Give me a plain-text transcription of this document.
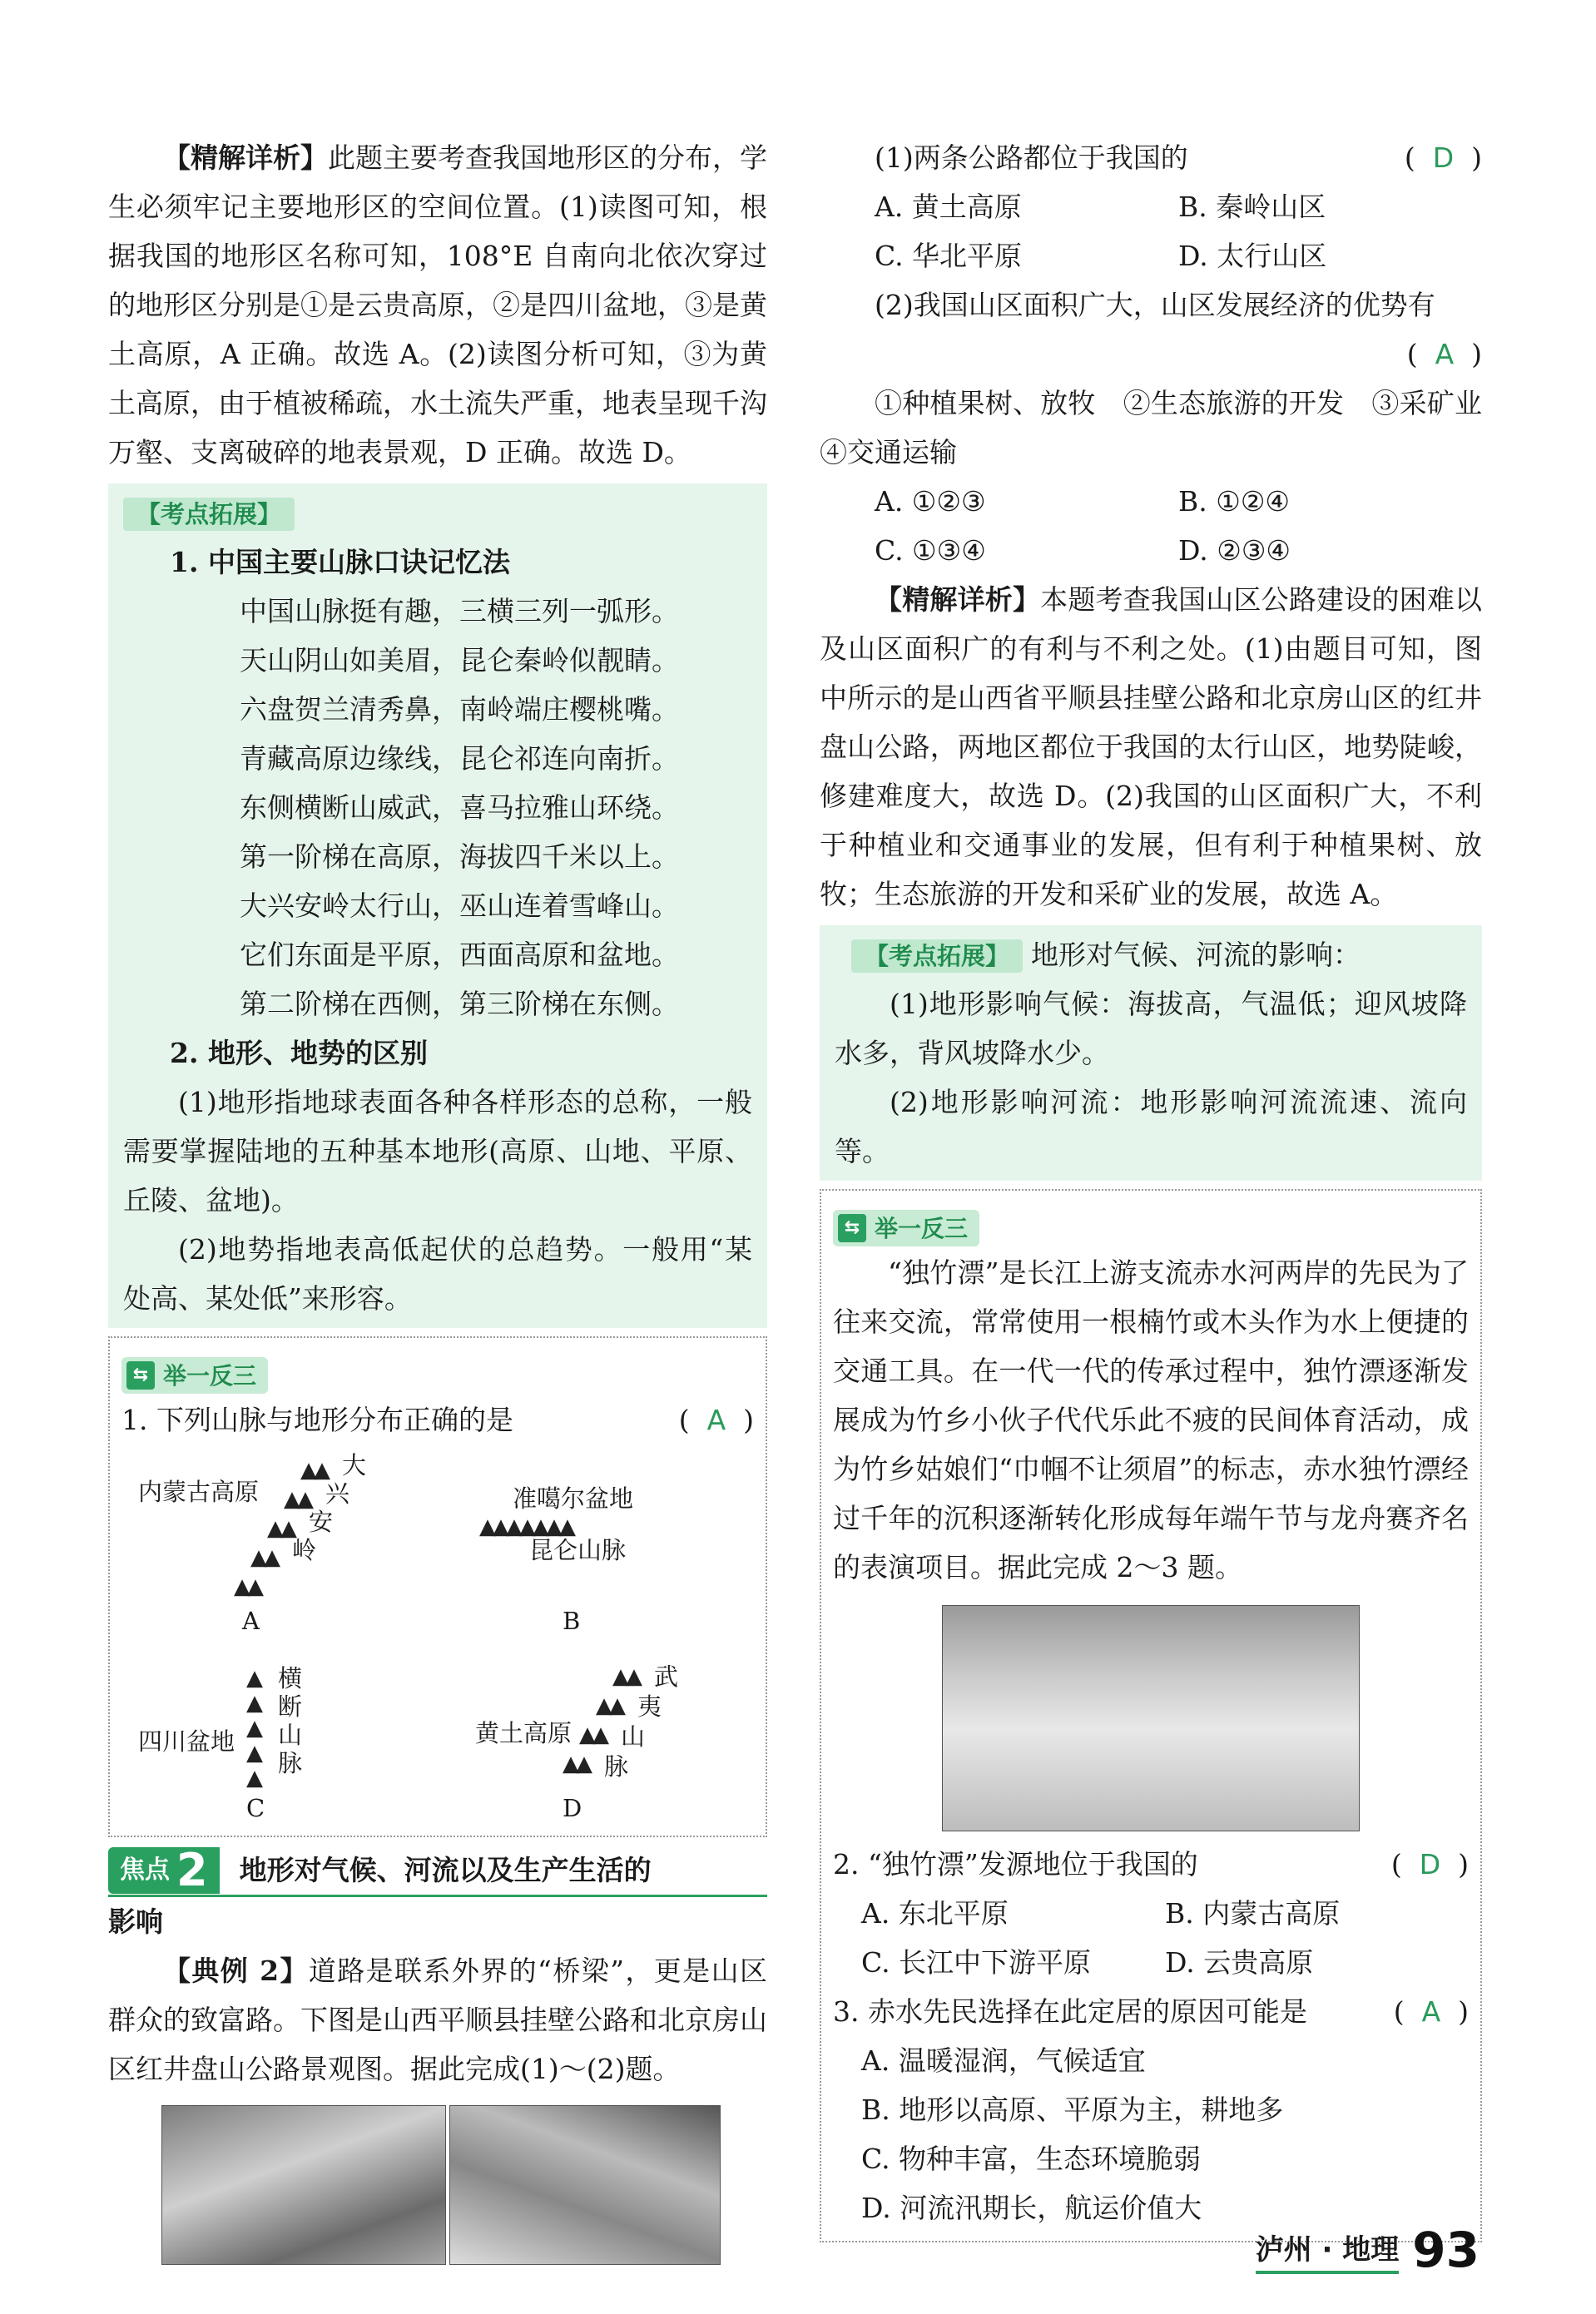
【精解详析】此题主要考查我国地形区的分布，学生必须牢记主要地形区的空间位置。(1)读图可知，根据我国的地形区名称可知，108°E 自南向北依次穿过的地形区分别是①是云贵高原，②是四川盆地，③是黄土高原，A 正确。故选 A。(2)读图分析可知，③为黄土高原，由于植被稀疏，水土流失严重，地表呈现千沟万壑、支离破碎的地表景观，D 正确。故选 D。

【考点拓展】

1. 中国主要山脉口诀记忆法

中国山脉挺有趣，三横三列一弧形。
天山阴山如美眉，昆仑秦岭似靓睛。
六盘贺兰清秀鼻，南岭端庄樱桃嘴。
青藏高原边缘线，昆仑祁连向南折。
东侧横断山威武，喜马拉雅山环绕。
第一阶梯在高原，海拔四千米以上。
大兴安岭太行山，巫山连着雪峰山。
它们东面是平原，西面高原和盆地。
第二阶梯在西侧，第三阶梯在东侧。

2. 地形、地势的区别

(1)地形指地球表面各种各样形态的总称，一般需要掌握陆地的五种基本地形(高原、山地、平原、丘陵、盆地)。

(2)地势指地表高低起伏的总趋势。一般用“某处高、某处低”来形容。

⇆ 举一反三

1. 下列山脉与地形分布正确的是	(  A  )

内蒙古高原
▲▲
▲▲
▲▲
▲▲
▲▲
大
兴
安
岭
A
准噶尔盆地
▲▲▲▲▲▲▲
昆仑山脉
B
四川盆地
▲
▲
▲
▲
▲
横
断
山
脉
C
黄土高原
▲▲
▲▲
▲▲
▲▲
武
夷
山
脉
D
焦点 2 地形对气候、河流以及生产生活的

影响

【典例 2】道路是联系外界的“桥梁”，更是山区群众的致富路。下图是山西平顺县挂壁公路和北京房山区红井盘山公路景观图。据此完成(1)～(2)题。

(1)两条公路都位于我国的	(  D  )

A. 黄土高原	B. 秦岭山区
C. 华北平原	D. 太行山区

(2)我国山区面积广大，山区发展经济的优势有

(  A  )

①种植果树、放牧　②生态旅游的开发　③采矿业　④交通运输

A. ①②③	B. ①②④
C. ①③④	D. ②③④

【精解详析】本题考查我国山区公路建设的困难以及山区面积广的有利与不利之处。(1)由题目可知，图中所示的是山西省平顺县挂壁公路和北京房山区的红井盘山公路，两地区都位于我国的太行山区，地势陡峻，修建难度大，故选 D。(2)我国的山区面积广大，不利于种植业和交通事业的发展，但有利于种植果树、放牧；生态旅游的开发和采矿业的发展，故选 A。

【考点拓展】 地形对气候、河流的影响：

(1)地形影响气候：海拔高，气温低；迎风坡降水多，背风坡降水少。

(2)地形影响河流：地形影响河流流速、流向等。

⇆ 举一反三

“独竹漂”是长江上游支流赤水河两岸的先民为了往来交流，常常使用一根楠竹或木头作为水上便捷的交通工具。在一代一代的传承过程中，独竹漂逐渐发展成为竹乡小伙子代代乐此不疲的民间体育活动，成为竹乡姑娘们“巾帼不让须眉”的标志，赤水独竹漂经过千年的沉积逐渐转化形成每年端午节与龙舟赛齐名的表演项目。据此完成 2～3 题。

2. “独竹漂”发源地位于我国的	(  D  )

A. 东北平原	B. 内蒙古高原
C. 长江中下游平原	D. 云贵高原

3. 赤水先民选择在此定居的原因可能是	(  A  )

A. 温暖湿润，气候适宜
B. 地形以高原、平原为主，耕地多
C. 物种丰富，生态环境脆弱
D. 河流汛期长，航运价值大
泸州 · 地理 93
